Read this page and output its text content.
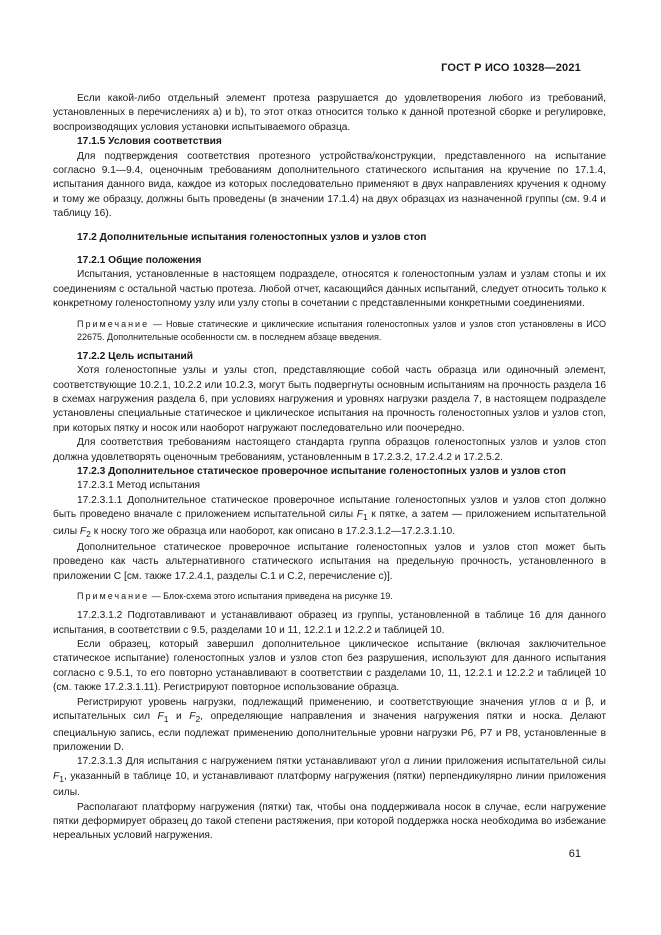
ГОСТ Р ИСО 10328—2021

Если какой-либо отдельный элемент протеза разрушается до удовлетворения любого из требований, установленных в перечислениях a) и b), то этот отказ относится только к данной протезной сборке и регулировке, воспроизводящих условия установки испытываемого образца.

17.1.5 Условия соответствия

Для подтверждения соответствия протезного устройства/конструкции, представленного на испытание согласно 9.1—9.4, оценочным требованиям дополнительного статического испытания на кручение по 17.1.4, испытания данного вида, каждое из которых последовательно применяют в двух направлениях кручения к одному и тому же образцу, должны быть проведены (в значении 17.1.4) на двух образцах из назначенной группы (см. 9.4 и таблицу 16).

17.2 Дополнительные испытания голеностопных узлов и узлов стоп

17.2.1 Общие положения

Испытания, установленные в настоящем подразделе, относятся к голеностопным узлам и узлам стопы и их соединениям с остальной частью протеза. Любой отчет, касающийся данных испытаний, следует относить только к конкретному голеностопному узлу или узлу стопы в сочетании с представленными конкретными соединениями.

Примечание — Новые статические и циклические испытания голеностопных узлов и узлов стоп установлены в ИСО 22675. Дополнительные особенности см. в последнем абзаце введения.

17.2.2 Цель испытаний

Хотя голеностопные узлы и узлы стоп, представляющие собой часть образца или одиночный элемент, соответствующие 10.2.1, 10.2.2 или 10.2.3, могут быть подвергнуты основным испытаниям на прочность раздела 16 в схемах нагружения раздела 6, при условиях нагружения и уровнях нагрузки раздела 7, в настоящем подразделе установлены специальные статическое и циклическое испытания на прочность голеностопных узлов и узлов стоп, при которых пятку и носок или наоборот нагружают последовательно или поочередно.

Для соответствия требованиям настоящего стандарта группа образцов голеностопных узлов и узлов стоп должна удовлетворять оценочным требованиям, установленным в 17.2.3.2, 17.2.4.2 и 17.2.5.2.

17.2.3 Дополнительное статическое проверочное испытание голеностопных узлов и узлов стоп

17.2.3.1 Метод испытания

17.2.3.1.1 Дополнительное статическое проверочное испытание голеностопных узлов и узлов стоп должно быть проведено вначале с приложением испытательной силы $F_1$ к пятке, а затем — приложением испытательной силы $F_2$ к носку того же образца или наоборот, как описано в 17.2.3.1.2—17.2.3.1.10.

Дополнительное статическое проверочное испытание голеностопных узлов и узлов стоп может быть проведено как часть альтернативного статического испытания на предельную прочность, установленного в приложении С [см. также 17.2.4.1, разделы С.1 и С.2, перечисление с)].

Примечание — Блок-схема этого испытания приведена на рисунке 19.

17.2.3.1.2 Подготавливают и устанавливают образец из группы, установленной в таблице 16 для данного испытания, в соответствии с 9.5, разделами 10 и 11, 12.2.1 и 12.2.2 и таблицей 10.

Если образец, который завершил дополнительное циклическое испытание (включая заключительное статическое испытание) голеностопных узлов и узлов стоп без разрушения, используют для данного испытания согласно с 9.5.1, то его повторно устанавливают в соответствии с разделами 10, 11, 12.2.1 и 12.2.2 и таблицей 10 (см. также 17.2.3.1.11). Регистрируют повторное использование образца.

Регистрируют уровень нагрузки, подлежащий применению, и соответствующие значения углов α и β, и испытательных сил $F_1$ и $F_2$, определяющие направления и значения нагружения пятки и носка. Делают специальную запись, если подлежат применению дополнительные уровни нагрузки P6, P7 и P8, установленные в приложении D.

17.2.3.1.3 Для испытания с нагружением пятки устанавливают угол α линии приложения испытательной силы $F_1$, указанный в таблице 10, и устанавливают платформу нагружения (пятки) перпендикулярно линии приложения силы.

Располагают платформу нагружения (пятки) так, чтобы она поддерживала носок в случае, если нагружение пятки деформирует образец до такой степени растяжения, при которой поддержка носка необходима во избежание нереальных условий нагружения.

61
